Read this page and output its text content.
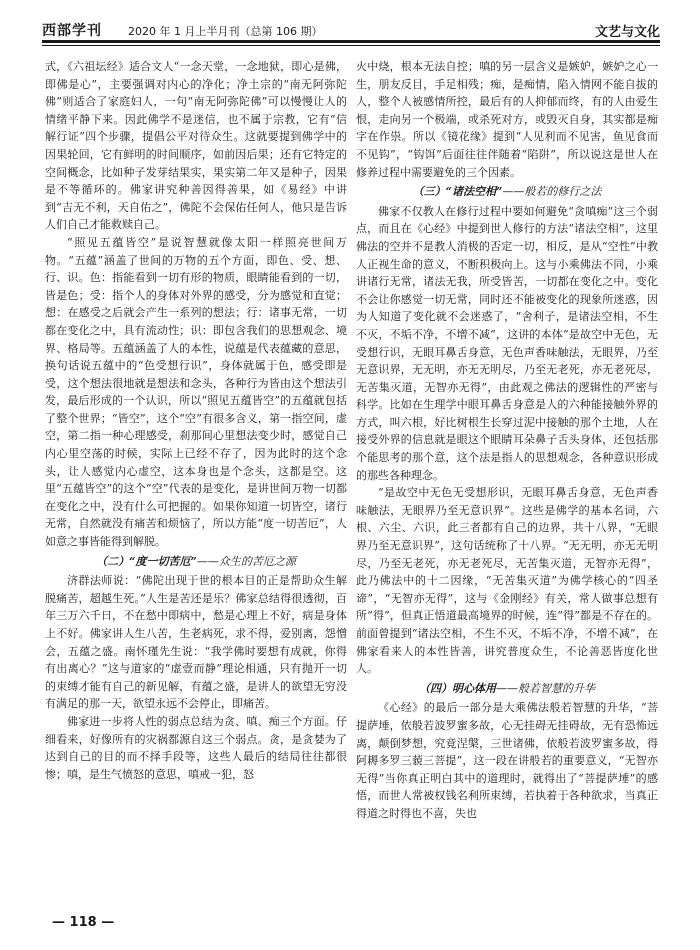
西部学刊 2020 年 1 月上半月刊（总第 106 期）	文艺与文化

式，《六祖坛经》适合文人“一念天堂，一念地狱，即心是佛，即佛是心”，主要强调对内心的净化；净土宗的“南无阿弥陀佛”则适合了家庭妇人，一句“南无阿弥陀佛”可以慢慢让人的情绪平静下来。因此佛学不是迷信，也不属于宗教，它有“信解行证”四个步骤，提倡公平对待众生。这就要提到佛学中的因果轮回，它有鲜明的时间顺序，如前因后果；还有它特定的空间概念，比如种子发芽结果实，果实第二年又是种子，因果是不等循环的。佛家讲究种善因得善果，如《易经》中讲到“吉无不利，天自佑之”，佛陀不会保佑任何人，他只是告诉人们自己才能救赎自己。

“照见五蕴皆空”是说智慧就像太阳一样照亮世间万物。“五蕴”涵盖了世间的万物的五个方面，即色、受、想、行、识。色：指能看到一切有形的物质，眼睛能看到的一切，皆是色；受：指个人的身体对外界的感受，分为感觉和直觉；想：在感受之后就会产生一系列的想法；行：诸事无常，一切都在变化之中，具有流动性；识：即包含我们的思想观念、境界、格局等。五蕴涵盖了人的本性，说蕴是代表蕴藏的意思，换句话说五蕴中的“色受想行识”，身体就属于色，感受即是受，这个想法很地就是想法和念头，各种行为皆由这个想法引发，最后形成的一个认识，所以“照见五蕴皆空”的五蕴就包括了整个世界；“皆空”，这个“空”有很多含义，第一指空间，虚空，第二指一种心理感受，刹那间心里想法变少时，感觉自己内心里空荡的时候，实际上已经不存了，因为此时的这个念头，让人感觉内心虚空，这本身也是个念头，这都是空。这里“五蕴皆空”的这个“空”代表的是变化，是讲世间万物一切都在变化之中，没有什么可把握的。如果你知道一切皆空，诸行无常，自然就没有痛苦和烦恼了，所以方能“度一切苦厄”，人如意之事皆能得到解脱。

（二）“度一切苦厄”——众生的苦厄之源

济群法师说：“佛陀出现于世的根本目的正是帮助众生解脱痛苦，超越生死。”人生是苦还是乐？佛家总结得很透彻，百年三万六千日，不在愁中即病中，愁是心理上不好，病是身体上不好。佛家讲人生八苦，生老病死，求不得，爱别离，怨憎会，五蕴之盛。南怀瑾先生说：“我学佛时要想有成就，你得有出离心？”这与道家的“虚壹而静”理论相通，只有抛开一切的束缚才能有自己的新见解，有蕴之盛，是讲人的欲望无穷没有满足的那一天，欲望永远不会停止，即痛苦。

佛家进一步将人性的弱点总结为贪、嗔、痴三个方面。仔细看来，好像所有的灾祸都源自这三个弱点。贪，是贪婪为了达到自己的目的而不择手段等，这些人最后的结局往往都很惨；嗔，是生气愤怒的意思，嗔戒一犯，怒

火中烧，根本无法自控；嗔的另一层含义是嫉妒，嫉妒之心一生，朋友反目，手足相残；痴，是痴情，陷入情网不能自拔的人，整个人被感情所控，最后有的人抑郁而终，有的人由爱生恨，走向另一个极端，或杀死对方，或毁灭自身，其实都是痴字在作祟。所以《镜花缘》提到“人见利而不见害，鱼见食而不见钩”，“钩饵”后面往往伴随着“陷阱”，所以说这是世人在修养过程中需要避免的三个因素。

（三）“诸法空相”——般若的修行之法

佛家不仅教人在修行过程中要如何避免“贪嗔痴”这三个弱点，而且在《心经》中提到世人修行的方法“诸法空相”，这里佛法的空并不是教人消极的否定一切，相反，是从“空性”中教人正视生命的意义，不断积极向上。这与小乘佛法不同，小乘讲诸行无常，诸法无我，所受皆苦，一切都在变化之中。变化不会让你感觉一切无常，同时还不能被变化的现象所迷惑，因为人知道了变化就不会迷惑了，“舍利子，是诸法空相，不生不灭，不垢不净，不增不减”，这讲的本体“是故空中无色，无受想行识，无眼耳鼻舌身意，无色声香味触法，无眼界，乃至无意识界，无无明，亦无无明尽，乃至无老死，亦无老死尽，无苦集灭道，无智亦无得”，由此观之佛法的逻辑性的严密与科学。比如在生理学中眼耳鼻舌身意是人的六种能接触外界的方式，叫六根，好比树根生长穿过泥中接触的那个土地，人在接受外界的信息就是眼这个眼睛耳朵鼻子舌头身体，还包括那个能思考的那个意，这个法是指人的思想观念，各种意识形成的那些各种理念。

“是故空中无色无受想形识，无眼耳鼻舌身意，无色声香味触法，无眼界乃至无意识界”。这些是佛学的基本名词，六根、六尘、六识，此三者都有自己的边界，共十八界，“无眼界乃至无意识界”，这句话统称了十八界。“无无明，亦无无明尽，乃至无老死，亦无老死尽，无苦集灭道，无智亦无得”，此乃佛法中的十二因缘，“无苦集灭道”为佛学核心的“四圣谛”，“无智亦无得”，这与《金刚经》有关，常人做事总想有所“得”，但真正悟道最高境界的时候，连“得”都是不存在的。前面曾提到“诸法空相，不生不灭，不垢不净，不增不减”，在佛家看来人的本性皆善，讲究普度众生，不论善恶皆度化世人。

（四）明心体用——般若智慧的升华

《心经》的最后一部分是大乘佛法般若智慧的升华，“菩提萨埵，依般若波罗蜜多故，心无挂碍无挂碍故，无有恐怖远离，颠倒梦想，究竟涅槃，三世诸佛，依般若波罗蜜多故，得阿耨多罗三藐三菩提”，这一段在讲般若的重要意义，“无智亦无得”当你真正明白其中的道理时，就得出了“菩提萨埵”的感悟，而世人常被权钱名利所束缚，若执着于各种欲求，当真正得道之时得也不喜，失也

— 118 —
